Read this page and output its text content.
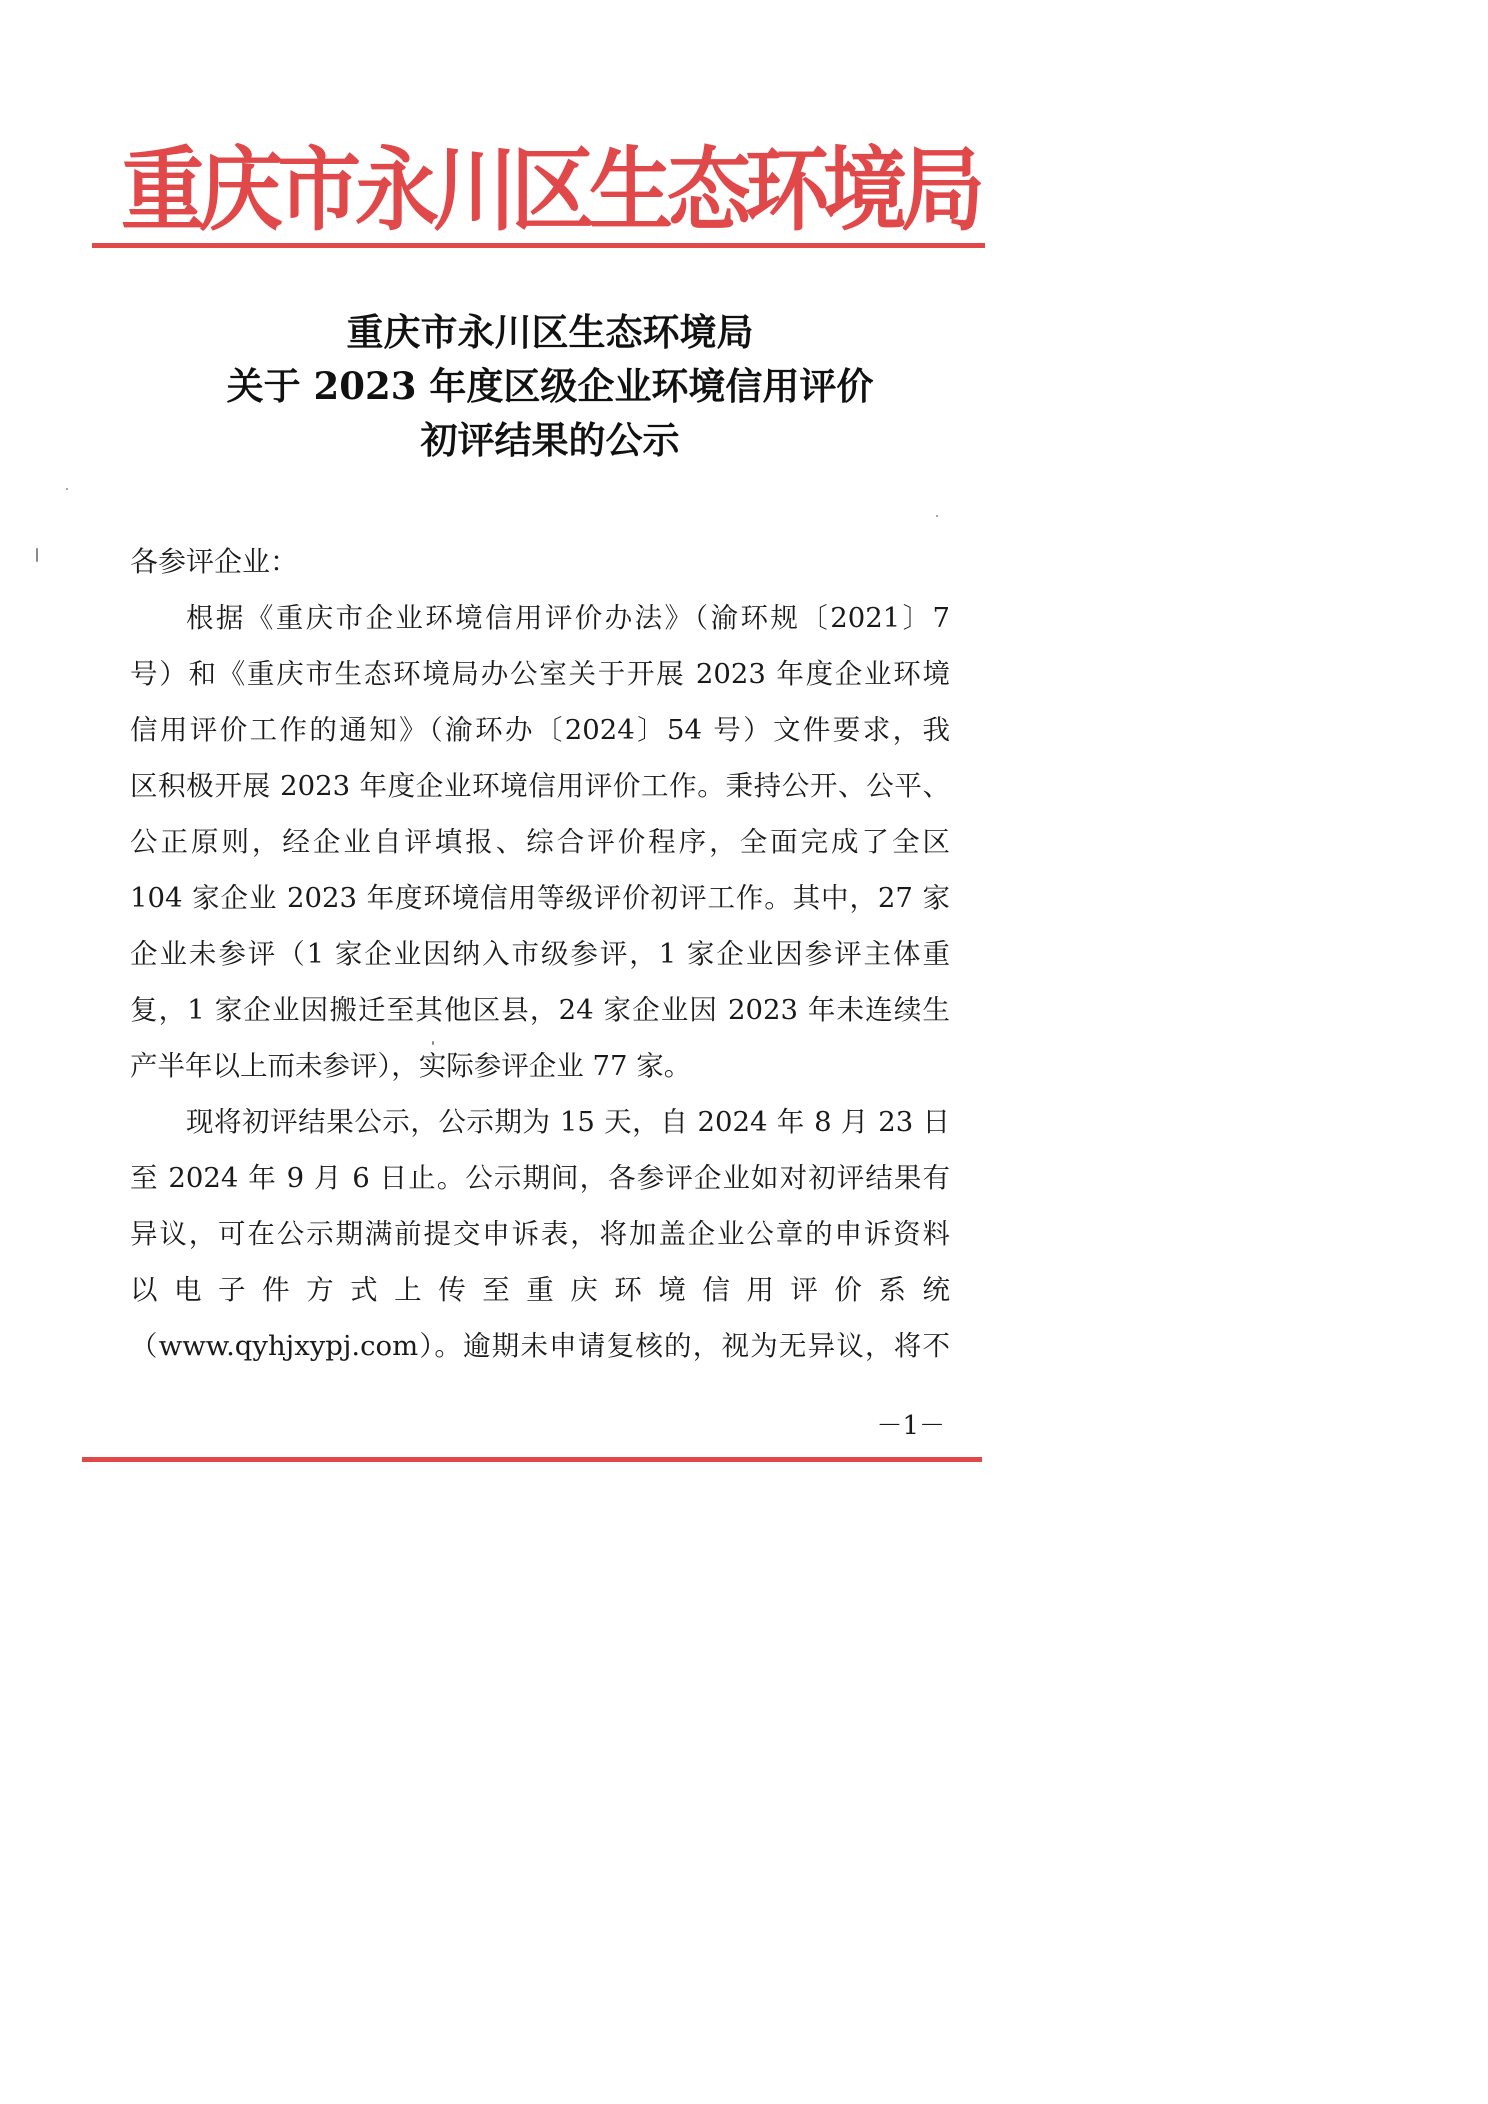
重庆市永川区生态环境局
重庆市永川区生态环境局
关于 2023 年度区级企业环境信用评价
初评结果的公示
各参评企业：
根据《重庆市企业环境信用评价办法》（渝环规〔2021〕7
号）和《重庆市生态环境局办公室关于开展 2023 年度企业环境
信用评价工作的通知》（渝环办〔2024〕54 号）文件要求，我
区积极开展 2023 年度企业环境信用评价工作。秉持公开、公平、
公正原则，经企业自评填报、综合评价程序，全面完成了全区
104 家企业 2023 年度环境信用等级评价初评工作。其中，27 家
企业未参评（1 家企业因纳入市级参评，1 家企业因参评主体重
复，1 家企业因搬迁至其他区县，24 家企业因 2023 年未连续生
产半年以上而未参评），实际参评企业 77 家。
现将初评结果公示，公示期为 15 天，自 2024 年 8 月 23 日
至 2024 年 9 月 6 日止。公示期间，各参评企业如对初评结果有
异议，可在公示期满前提交申诉表，将加盖企业公章的申诉资料
以 电 子 件 方 式 上 传 至 重 庆 环 境 信 用 评 价 系 统
（www.qyhjxypj.com）。逾期未申请复核的，视为无异议，将不
－1－
